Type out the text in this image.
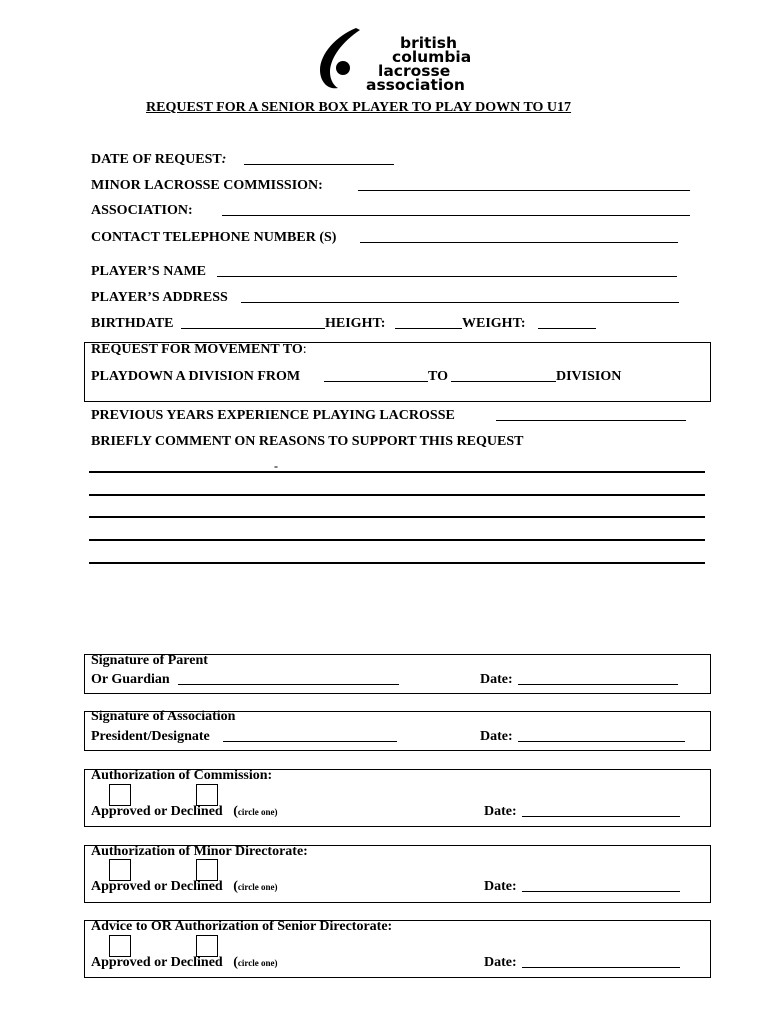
british
columbia
lacrosse
association
REQUEST FOR A SENIOR BOX PLAYER TO PLAY DOWN TO U17
DATE OF REQUEST:
MINOR LACROSSE COMMISSION:
ASSOCIATION:
CONTACT TELEPHONE NUMBER (S)
PLAYER’S NAME
PLAYER’S ADDRESS
BIRTHDATE	HEIGHT:	WEIGHT:
REQUEST FOR MOVEMENT TO:
PLAYDOWN A DIVISION FROM	TO	DIVISION
PREVIOUS YEARS EXPERIENCE PLAYING LACROSSE
BRIEFLY COMMENT ON REASONS TO SUPPORT THIS REQUEST
-
Signature of Parent
Or Guardian	Date:
Signature of Association
President/Designate	Date:
Authorization of Commission:
Approved or Declined (circle one)	Date:
Authorization of Minor Directorate:
Approved or Declined (circle one)	Date:
Advice to OR Authorization of Senior Directorate:
Approved or Declined (circle one)	Date:
